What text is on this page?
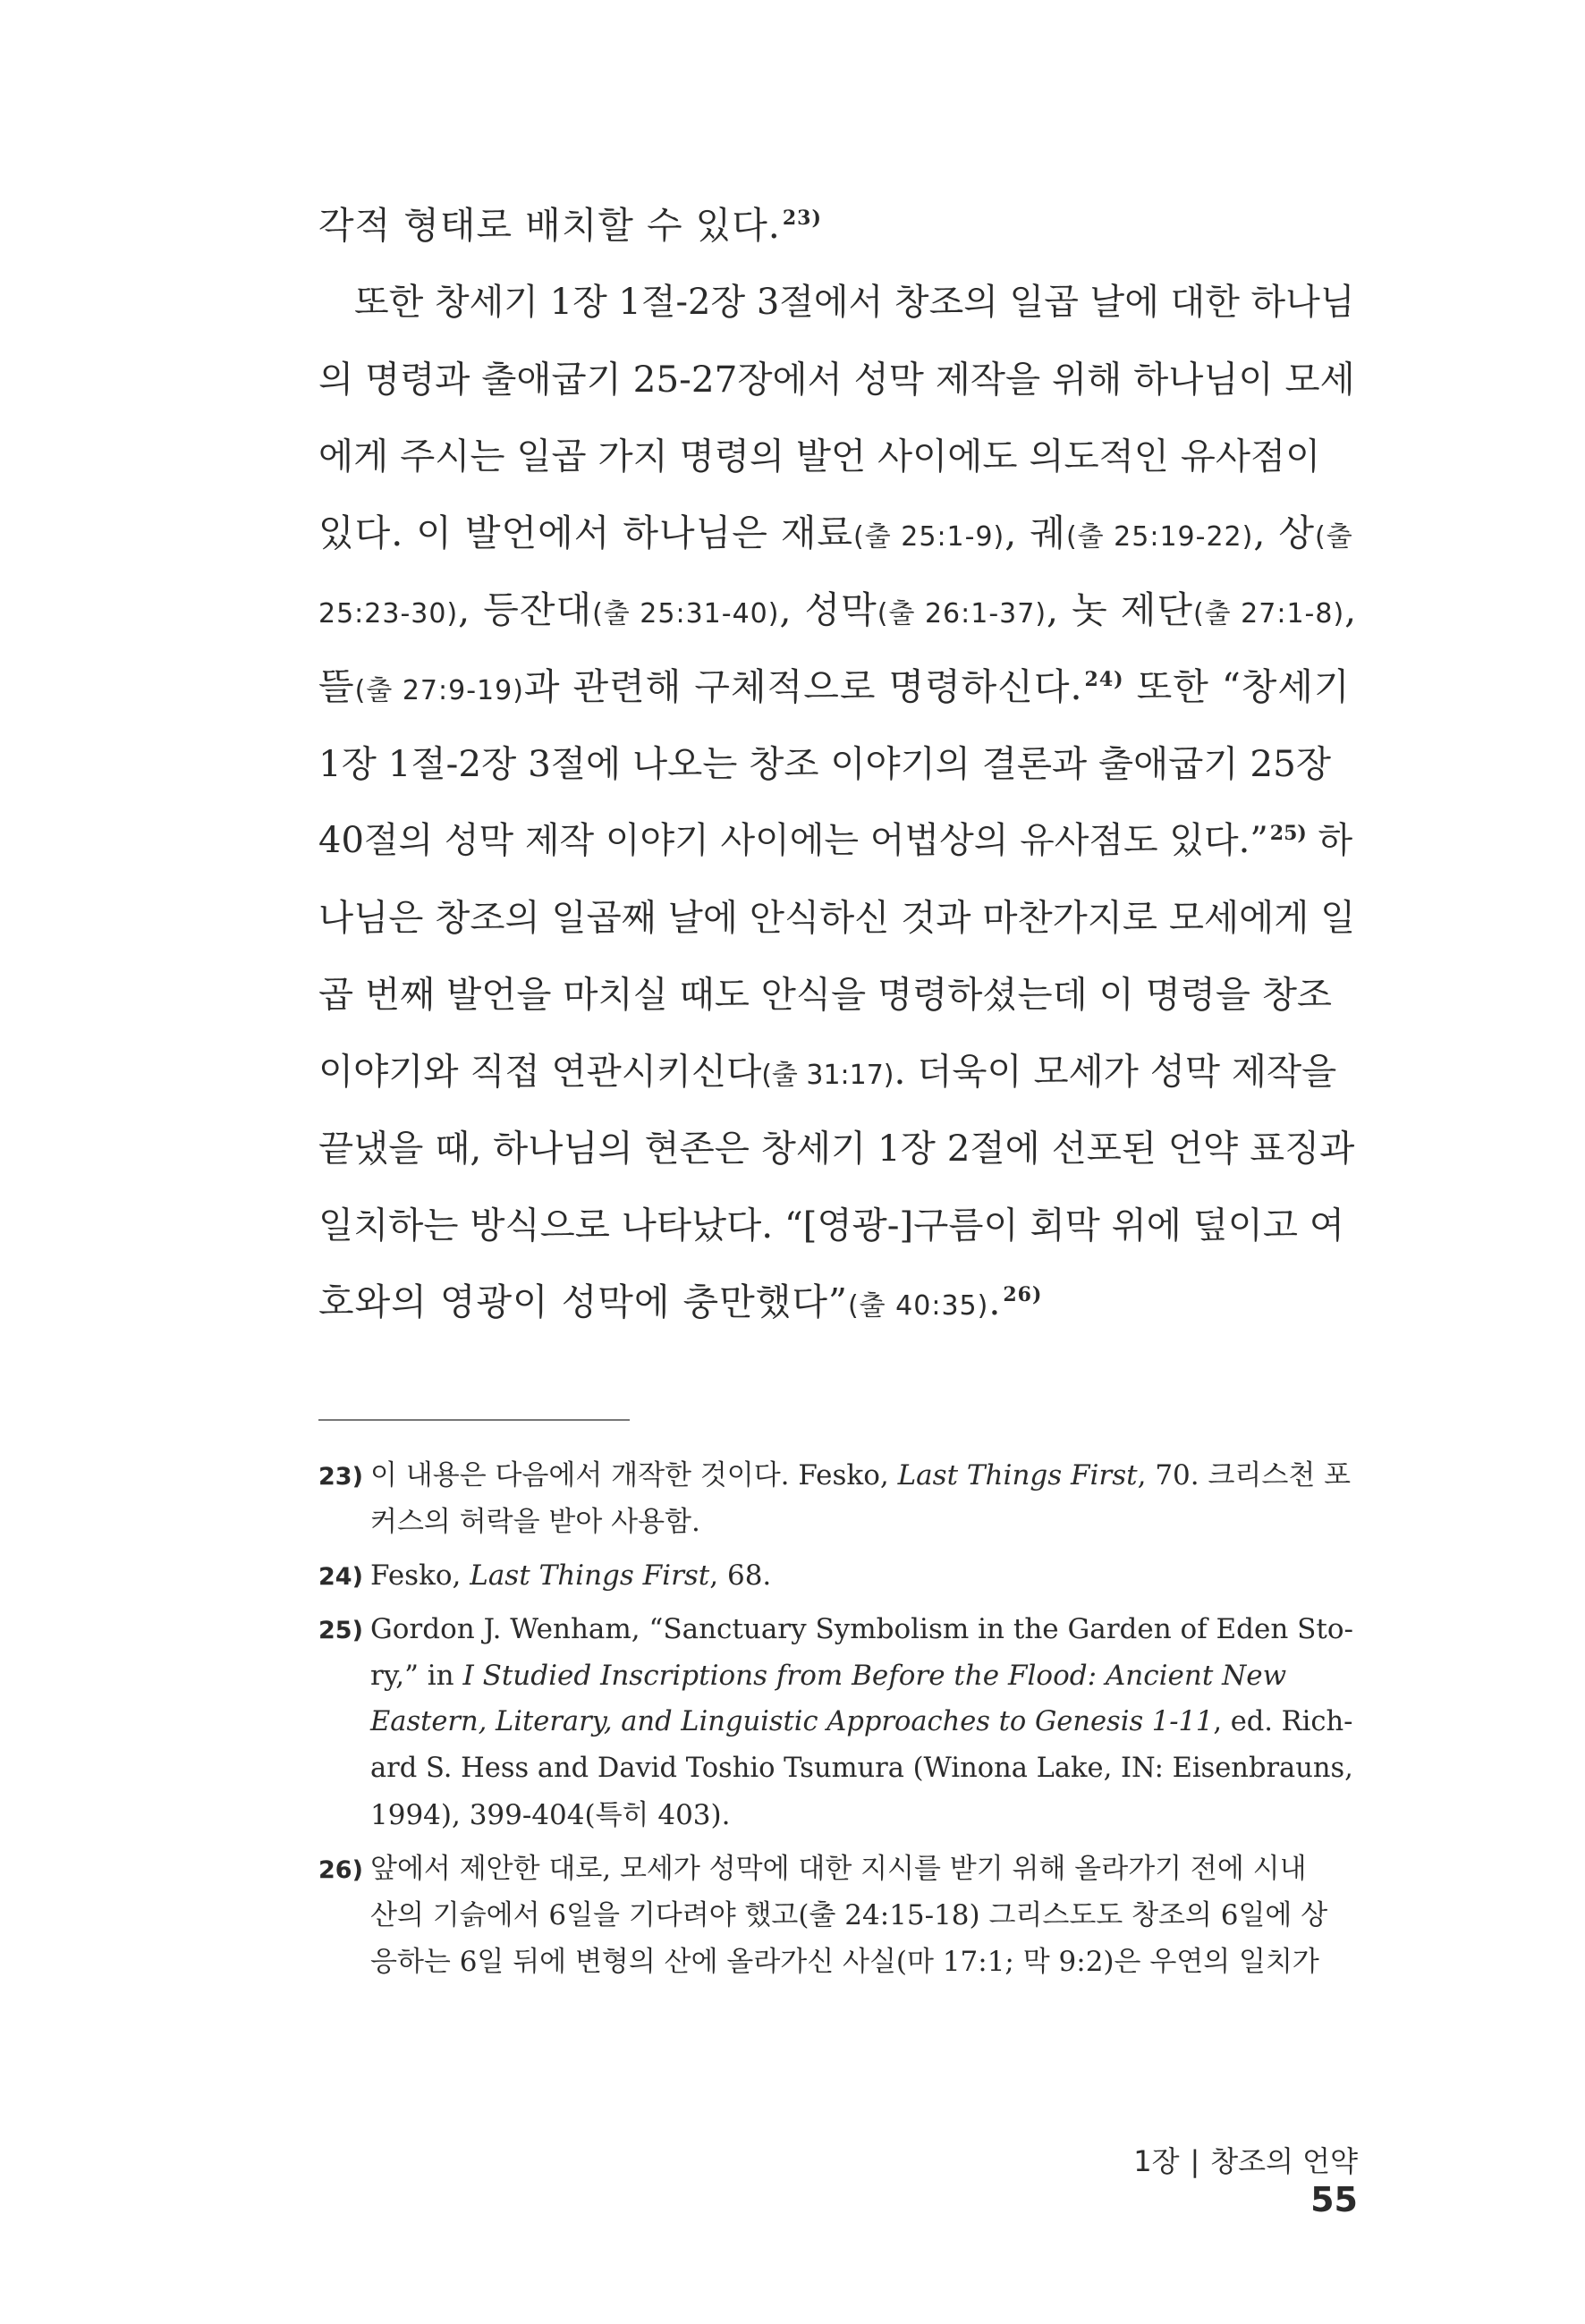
각적 형태로 배치할 수 있다.$^{23)}$
또한 창세기 1장 1절-2장 3절에서 창조의 일곱 날에 대한 하나님
의 명령과 출애굽기 25-27장에서 성막 제작을 위해 하나님이 모세
에게 주시는 일곱 가지 명령의 발언 사이에도 의도적인 유사점이
있다. 이 발언에서 하나님은 재료(출 25:1-9), 궤(출 25:19-22), 상(출
25:23-30), 등잔대(출 25:31-40), 성막(출 26:1-37), 놋 제단(출 27:1-8),
뜰(출 27:9-19)과 관련해 구체적으로 명령하신다.$^{24)}$ 또한 “창세기
1장 1절-2장 3절에 나오는 창조 이야기의 결론과 출애굽기 25장
40절의 성막 제작 이야기 사이에는 어법상의 유사점도 있다.”$^{25)}$ 하
나님은 창조의 일곱째 날에 안식하신 것과 마찬가지로 모세에게 일
곱 번째 발언을 마치실 때도 안식을 명령하셨는데 이 명령을 창조
이야기와 직접 연관시키신다(출 31:17). 더욱이 모세가 성막 제작을
끝냈을 때, 하나님의 현존은 창세기 1장 2절에 선포된 언약 표징과
일치하는 방식으로 나타났다. “[영광-]구름이 회막 위에 덮이고 여
호와의 영광이 성막에 충만했다”(출 40:35).$^{26)}$
23) 이 내용은 다음에서 개작한 것이다. Fesko, Last Things First, 70. 크리스천 포
커스의 허락을 받아 사용함.
24) Fesko, Last Things First, 68.
25) Gordon J. Wenham, “Sanctuary Symbolism in the Garden of Eden Sto-
ry,” in I Studied Inscriptions from Before the Flood: Ancient New
Eastern, Literary, and Linguistic Approaches to Genesis 1-11, ed. Rich-
ard S. Hess and David Toshio Tsumura (Winona Lake, IN: Eisenbrauns,
1994), 399-404(특히 403).
26) 앞에서 제안한 대로, 모세가 성막에 대한 지시를 받기 위해 올라가기 전에 시내
산의 기슭에서 6일을 기다려야 했고(출 24:15-18) 그리스도도 창조의 6일에 상
응하는 6일 뒤에 변형의 산에 올라가신 사실(마 17:1; 막 9:2)은 우연의 일치가
1장 | 창조의 언약55
